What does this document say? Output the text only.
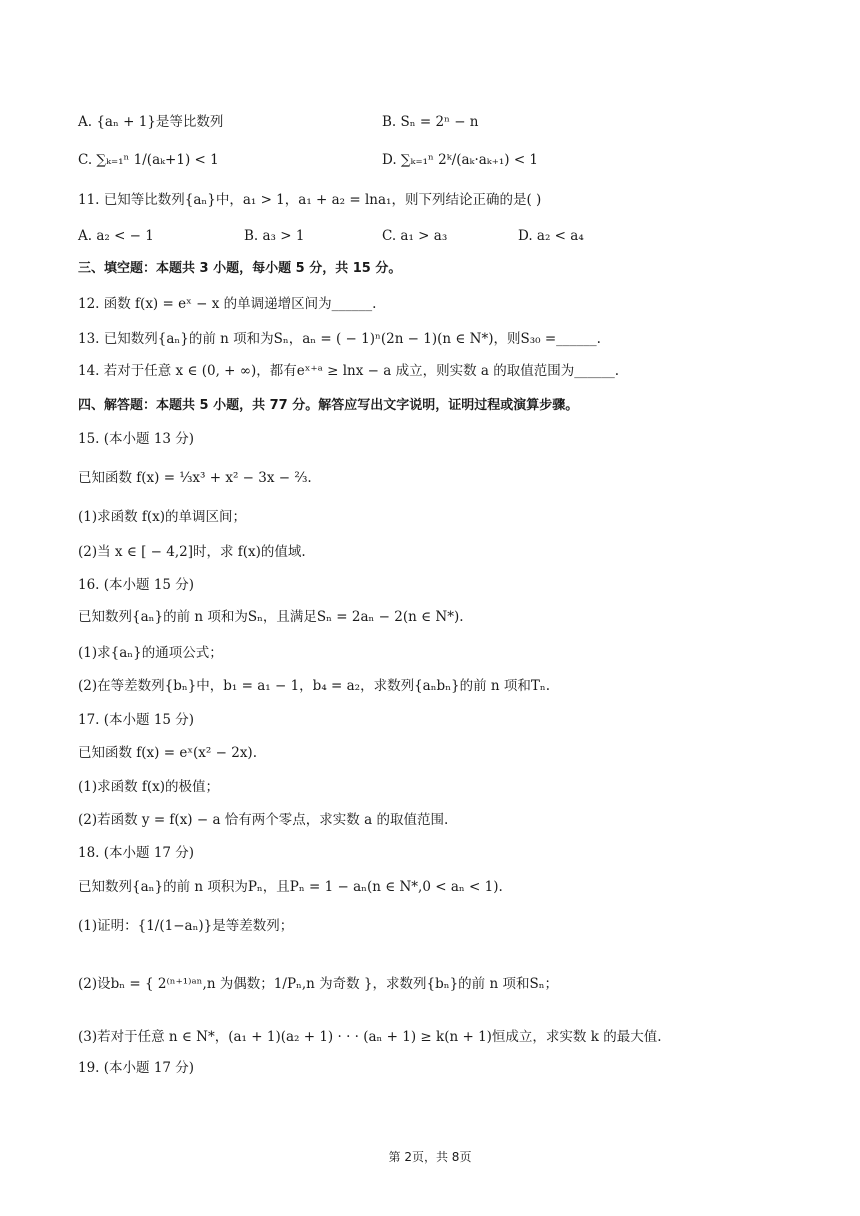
A. {aₙ + 1}是等比数列	B. Sₙ = 2ⁿ − n
C. ∑ₖ₌₁ⁿ 1/(aₖ+1) < 1	D. ∑ₖ₌₁ⁿ 2ᵏ/(aₖ·aₖ₊₁) < 1
11. 已知等比数列{aₙ}中，a₁ > 1，a₁ + a₂ = lna₁，则下列结论正确的是( )
A. a₂ < − 1	B. a₃ > 1	C. a₁ > a₃	D. a₂ < a₄
三、填空题：本题共 3 小题，每小题 5 分，共 15 分。
12. 函数 f(x) = eˣ − x 的单调递增区间为______.
13. 已知数列{aₙ}的前 n 项和为Sₙ，aₙ = ( − 1)ⁿ(2n − 1)(n ∈ N*)，则S₃₀ =______.
14. 若对于任意 x ∈ (0, + ∞)，都有eˣ⁺ᵃ ≥ lnx − a 成立，则实数 a 的取值范围为______.
四、解答题：本题共 5 小题，共 77 分。解答应写出文字说明，证明过程或演算步骤。
15. (本小题 13 分)
已知函数 f(x) = ⅓x³ + x² − 3x − ⅔.
(1)求函数 f(x)的单调区间；
(2)当 x ∈ [ − 4,2]时，求 f(x)的值域.
16. (本小题 15 分)
已知数列{aₙ}的前 n 项和为Sₙ，且满足Sₙ = 2aₙ − 2(n ∈ N*).
(1)求{aₙ}的通项公式；
(2)在等差数列{bₙ}中，b₁ = a₁ − 1，b₄ = a₂，求数列{aₙbₙ}的前 n 项和Tₙ.
17. (本小题 15 分)
已知函数 f(x) = eˣ(x² − 2x).
(1)求函数 f(x)的极值；
(2)若函数 y = f(x) − a 恰有两个零点，求实数 a 的取值范围.
18. (本小题 17 分)
已知数列{aₙ}的前 n 项积为Pₙ，且Pₙ = 1 − aₙ(n ∈ N*,0 < aₙ < 1).
(1)证明：{1/(1−aₙ)}是等差数列；
(2)设bₙ = { 2⁽ⁿ⁺¹⁾ᵃⁿ,n 为偶数；1/Pₙ,n 为奇数 }，求数列{bₙ}的前 n 项和Sₙ；
(3)若对于任意 n ∈ N*，(a₁ + 1)(a₂ + 1) · · · (aₙ + 1) ≥ k(n + 1)恒成立，求实数 k 的最大值.
19. (本小题 17 分)
第 2页，共 8页
